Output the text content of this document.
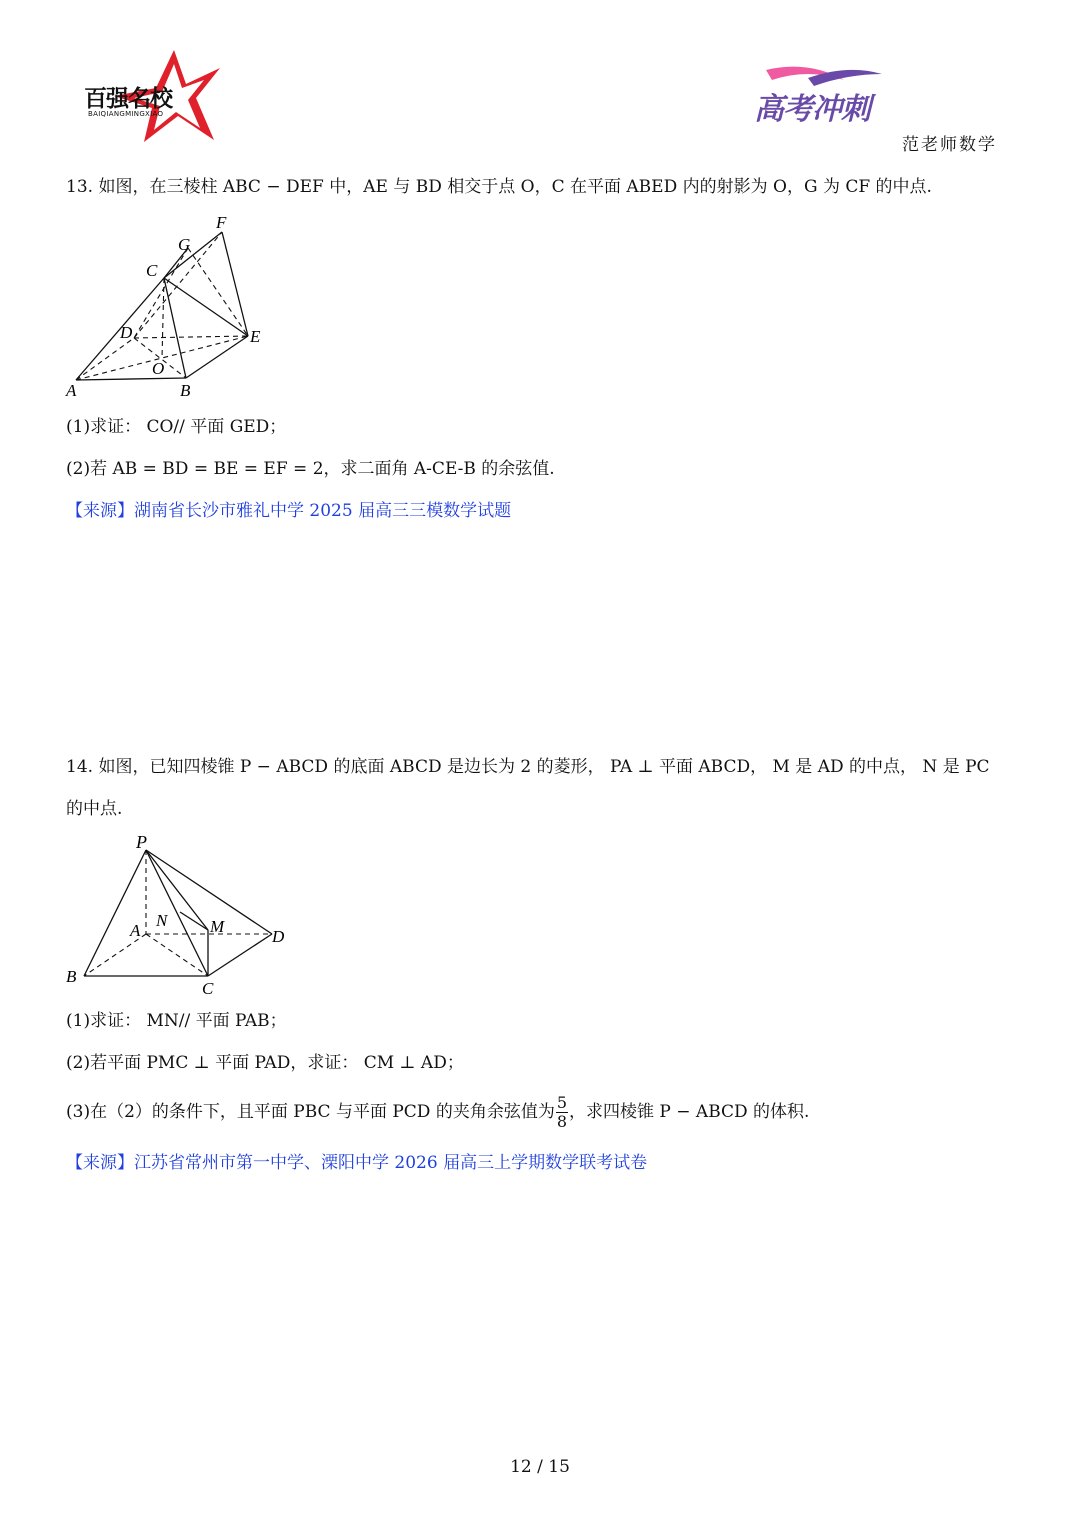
百强名校
BAIQIANGMINGXIAO	高考冲刺
范老师数学
13. 如图，在三棱柱 ABC − DEF 中，AE 与 BD 相交于点 O，C 在平面 ABED 内的射影为 O，G 为 CF 的中点.
F
G
C
D	E
O
A	B
(1)求证： CO// 平面 GED；
(2)若 AB = BD = BE = EF = 2，求二面角 A-CE-B 的余弦值.
【来源】湖南省长沙市雅礼中学 2025 届高三三模数学试题
14. 如图，已知四棱锥 P − ABCD 的底面 ABCD 是边长为 2 的菱形， PA ⊥ 平面 ABCD， M 是 AD 的中点， N 是 PC
的中点.
P
A
N	M
D
B
C
(1)求证： MN// 平面 PAB；
(2)若平面 PMC ⊥ 平面 PAD，求证： CM ⊥ AD；
(3)在（2）的条件下，且平面 PBC 与平面 PCD 的夹角余弦值为 $\frac{5}{8}$ ，求四棱锥 P − ABCD 的体积.
【来源】江苏省常州市第一中学、溧阳中学 2026 届高三上学期数学联考试卷
12 / 15
